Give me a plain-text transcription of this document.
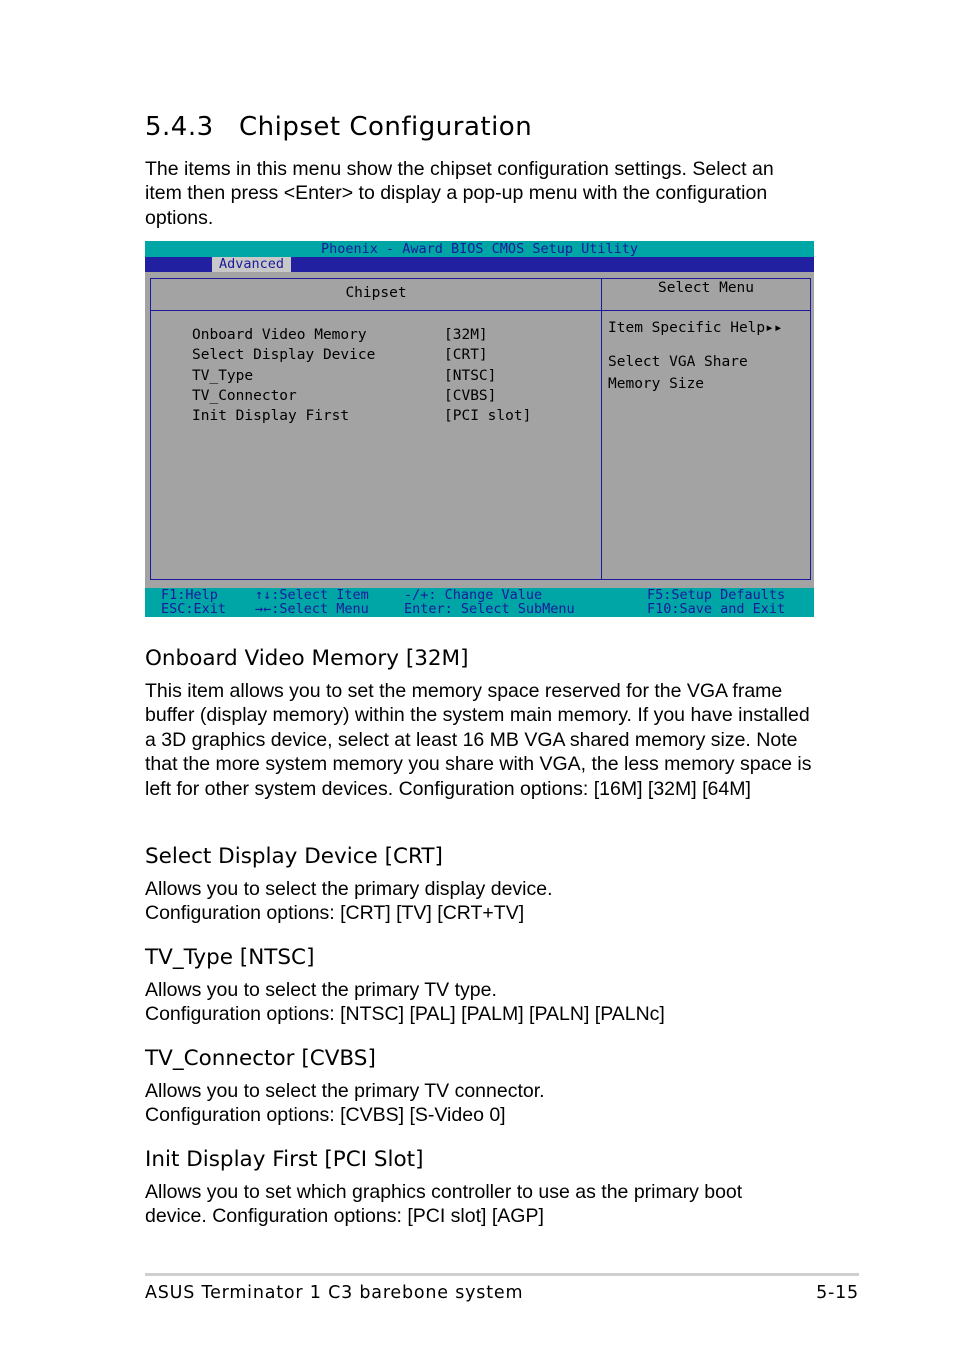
5.4.3 Chipset Configuration

The items in this menu show the chipset configuration settings. Select an item then press <Enter> to display a pop-up menu with the configuration options.

Phoenix - Award BIOS CMOS Setup Utility
Advanced
Chipset
Onboard Video Memory	[32M]
Select Display Device	[CRT]
TV_Type	[NTSC]
TV_Connector	[CVBS]
Init Display First	[PCI slot]
Select Menu
Item Specific Help▸▸
Select VGA Share
Memory Size
F1:Help
ESC:Exit
↑↓:Select Item
→←:Select Menu
-/+: Change Value
Enter: Select SubMenu
F5:Setup Defaults
F10:Save and Exit
Onboard Video Memory [32M]

This item allows you to set the memory space reserved for the VGA frame buffer (display memory) within the system main memory. If you have installed a 3D graphics device, select at least 16 MB VGA shared memory size. Note that the more system memory you share with VGA, the less memory space is left for other system devices. Configuration options: [16M] [32M] [64M]

Select Display Device [CRT]

Allows you to select the primary display device.
Configuration options: [CRT] [TV] [CRT+TV]

TV_Type [NTSC]

Allows you to select the primary TV type.
Configuration options: [NTSC] [PAL] [PALM] [PALN] [PALNc]

TV_Connector [CVBS]

Allows you to select the primary TV connector.
Configuration options: [CVBS] [S-Video 0]

Init Display First [PCI Slot]

Allows you to set which graphics controller to use as the primary boot device. Configuration options: [PCI slot] [AGP]

ASUS Terminator 1 C3 barebone system	5-15
